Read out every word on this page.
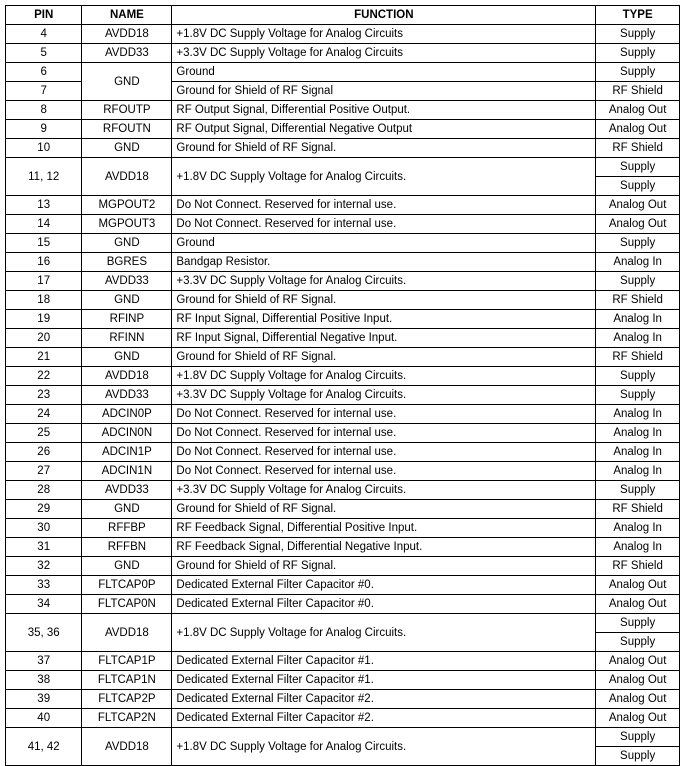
PIN	NAME	FUNCTION	TYPE
4	AVDD18	+1.8V DC Supply Voltage for Analog Circuits	Supply
5	AVDD33	+3.3V DC Supply Voltage for Analog Circuits	Supply
6	GND	Ground	Supply
7		Ground for Shield of RF Signal	RF Shield
8	RFOUTP	RF Output Signal, Differential Positive Output.	Analog Out
9	RFOUTN	RF Output Signal, Differential Negative Output	Analog Out
10	GND	Ground for Shield of RF Signal.	RF Shield
11, 12	AVDD18	+1.8V DC Supply Voltage for Analog Circuits.	Supply
			Supply
13	MGPOUT2	Do Not Connect. Reserved for internal use.	Analog Out
14	MGPOUT3	Do Not Connect. Reserved for internal use.	Analog Out
15	GND	Ground	Supply
16	BGRES	Bandgap Resistor.	Analog In
17	AVDD33	+3.3V DC Supply Voltage for Analog Circuits.	Supply
18	GND	Ground for Shield of RF Signal.	RF Shield
19	RFINP	RF Input Signal, Differential Positive Input.	Analog In
20	RFINN	RF Input Signal, Differential Negative Input.	Analog In
21	GND	Ground for Shield of RF Signal.	RF Shield
22	AVDD18	+1.8V DC Supply Voltage for Analog Circuits.	Supply
23	AVDD33	+3.3V DC Supply Voltage for Analog Circuits.	Supply
24	ADCIN0P	Do Not Connect. Reserved for internal use.	Analog In
25	ADCIN0N	Do Not Connect. Reserved for internal use.	Analog In
26	ADCIN1P	Do Not Connect. Reserved for internal use.	Analog In
27	ADCIN1N	Do Not Connect. Reserved for internal use.	Analog In
28	AVDD33	+3.3V DC Supply Voltage for Analog Circuits.	Supply
29	GND	Ground for Shield of RF Signal.	RF Shield
30	RFFBP	RF Feedback Signal, Differential Positive Input.	Analog In
31	RFFBN	RF Feedback Signal, Differential Negative Input.	Analog In
32	GND	Ground for Shield of RF Signal.	RF Shield
33	FLTCAP0P	Dedicated External Filter Capacitor #0.	Analog Out
34	FLTCAP0N	Dedicated External Filter Capacitor #0.	Analog Out
35, 36	AVDD18	+1.8V DC Supply Voltage for Analog Circuits.	Supply
			Supply
37	FLTCAP1P	Dedicated External Filter Capacitor #1.	Analog Out
38	FLTCAP1N	Dedicated External Filter Capacitor #1.	Analog Out
39	FLTCAP2P	Dedicated External Filter Capacitor #2.	Analog Out
40	FLTCAP2N	Dedicated External Filter Capacitor #2.	Analog Out
41, 42	AVDD18	+1.8V DC Supply Voltage for Analog Circuits.	Supply
			Supply
